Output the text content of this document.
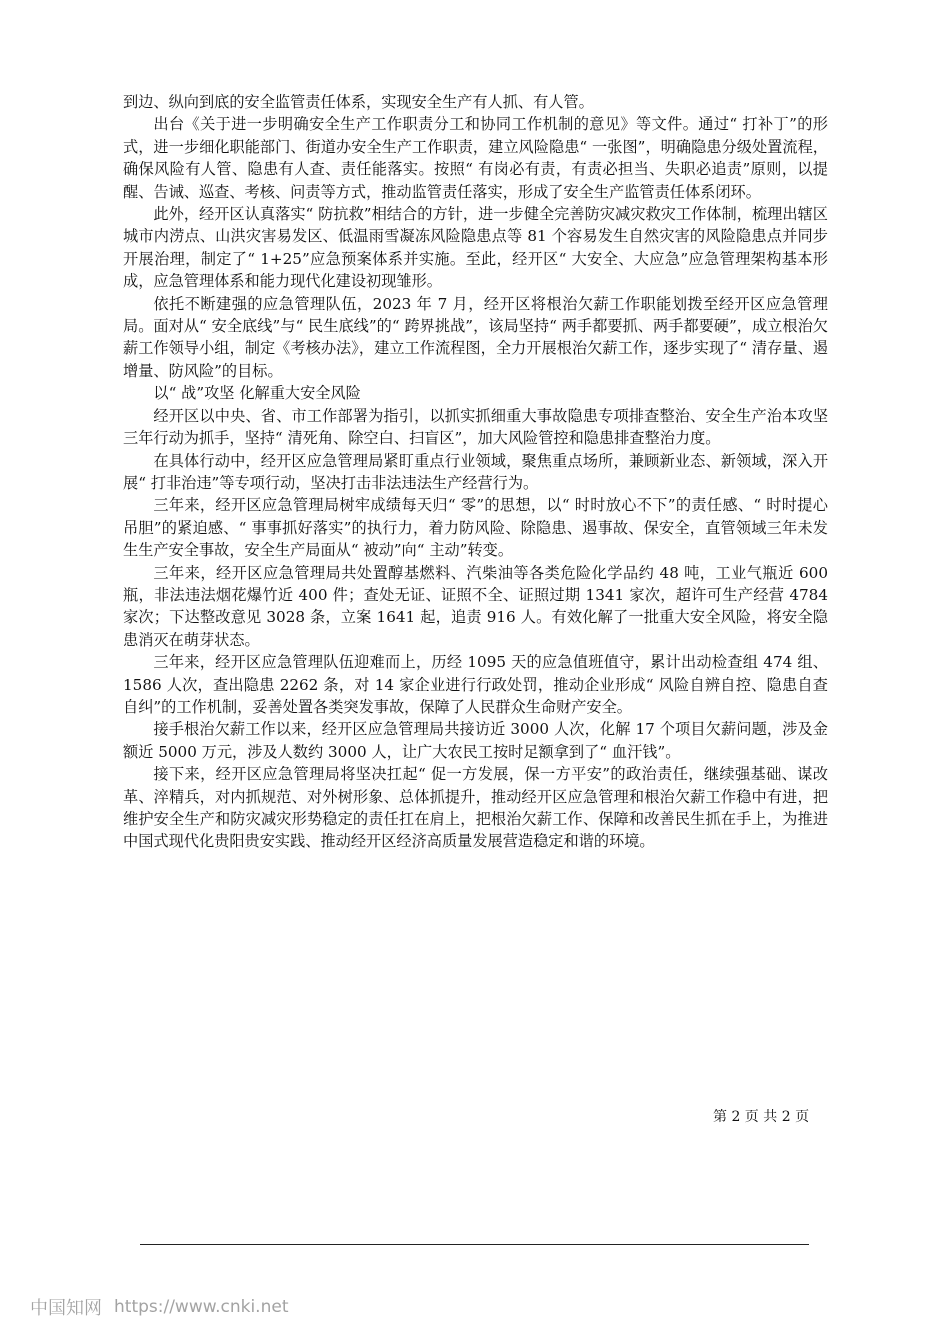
到边、纵向到底的安全监管责任体系，实现安全生产有人抓、有人管。

出台《关于进一步明确安全生产工作职责分工和协同工作机制的意见》等文件。通过“ 打补丁”的形式，进一步细化职能部门、街道办安全生产工作职责，建立风险隐患“ 一张图”，明确隐患分级处置流程，确保风险有人管、隐患有人查、责任能落实。按照“ 有岗必有责，有责必担当、失职必追责”原则，以提醒、告诫、巡查、考核、问责等方式，推动监管责任落实，形成了安全生产监管责任体系闭环。

此外，经开区认真落实“ 防抗救”相结合的方针，进一步健全完善防灾减灾救灾工作体制，梳理出辖区城市内涝点、山洪灾害易发区、低温雨雪凝冻风险隐患点等 81 个容易发生自然灾害的风险隐患点并同步开展治理，制定了“ 1+25”应急预案体系并实施。至此，经开区“ 大安全、大应急”应急管理架构基本形成，应急管理体系和能力现代化建设初现雏形。

依托不断建强的应急管理队伍，2023 年 7 月，经开区将根治欠薪工作职能划拨至经开区应急管理局。面对从“ 安全底线”与“ 民生底线”的“ 跨界挑战”，该局坚持“ 两手都要抓、两手都要硬”，成立根治欠薪工作领导小组，制定《考核办法》，建立工作流程图，全力开展根治欠薪工作，逐步实现了“ 清存量、遏增量、防风险”的目标。

以“ 战”攻坚 化解重大安全风险

经开区以中央、省、市工作部署为指引，以抓实抓细重大事故隐患专项排查整治、安全生产治本攻坚三年行动为抓手，坚持“ 清死角、除空白、扫盲区”，加大风险管控和隐患排查整治力度。

在具体行动中，经开区应急管理局紧盯重点行业领域，聚焦重点场所，兼顾新业态、新领域，深入开展“ 打非治违”等专项行动，坚决打击非法违法生产经营行为。

三年来，经开区应急管理局树牢成绩每天归“ 零”的思想，以“ 时时放心不下”的责任感、“ 时时提心吊胆”的紧迫感、“ 事事抓好落实”的执行力，着力防风险、除隐患、遏事故、保安全，直管领域三年未发生生产安全事故，安全生产局面从“ 被动”向“ 主动”转变。

三年来，经开区应急管理局共处置醇基燃料、汽柴油等各类危险化学品约 48 吨，工业气瓶近 600 瓶，非法违法烟花爆竹近 400 件；查处无证、证照不全、证照过期 1341 家次，超许可生产经营 4784 家次；下达整改意见 3028 条，立案 1641 起，追责 916 人。有效化解了一批重大安全风险，将安全隐患消灭在萌芽状态。

三年来，经开区应急管理队伍迎难而上，历经 1095 天的应急值班值守，累计出动检查组 474 组、1586 人次，查出隐患 2262 条，对 14 家企业进行行政处罚，推动企业形成“ 风险自辨自控、隐患自查自纠”的工作机制，妥善处置各类突发事故，保障了人民群众生命财产安全。

接手根治欠薪工作以来，经开区应急管理局共接访近 3000 人次，化解 17 个项目欠薪问题，涉及金额近 5000 万元，涉及人数约 3000 人，让广大农民工按时足额拿到了“ 血汗钱”。

接下来，经开区应急管理局将坚决扛起“ 促一方发展，保一方平安”的政治责任，继续强基础、谋改革、淬精兵，对内抓规范、对外树形象、总体抓提升，推动经开区应急管理和根治欠薪工作稳中有进，把维护安全生产和防灾减灾形势稳定的责任扛在肩上，把根治欠薪工作、保障和改善民生抓在手上，为推进中国式现代化贵阳贵安实践、推动经开区经济高质量发展营造稳定和谐的环境。

第 2 页 共 2 页
中国知网 https://www.cnki.net
